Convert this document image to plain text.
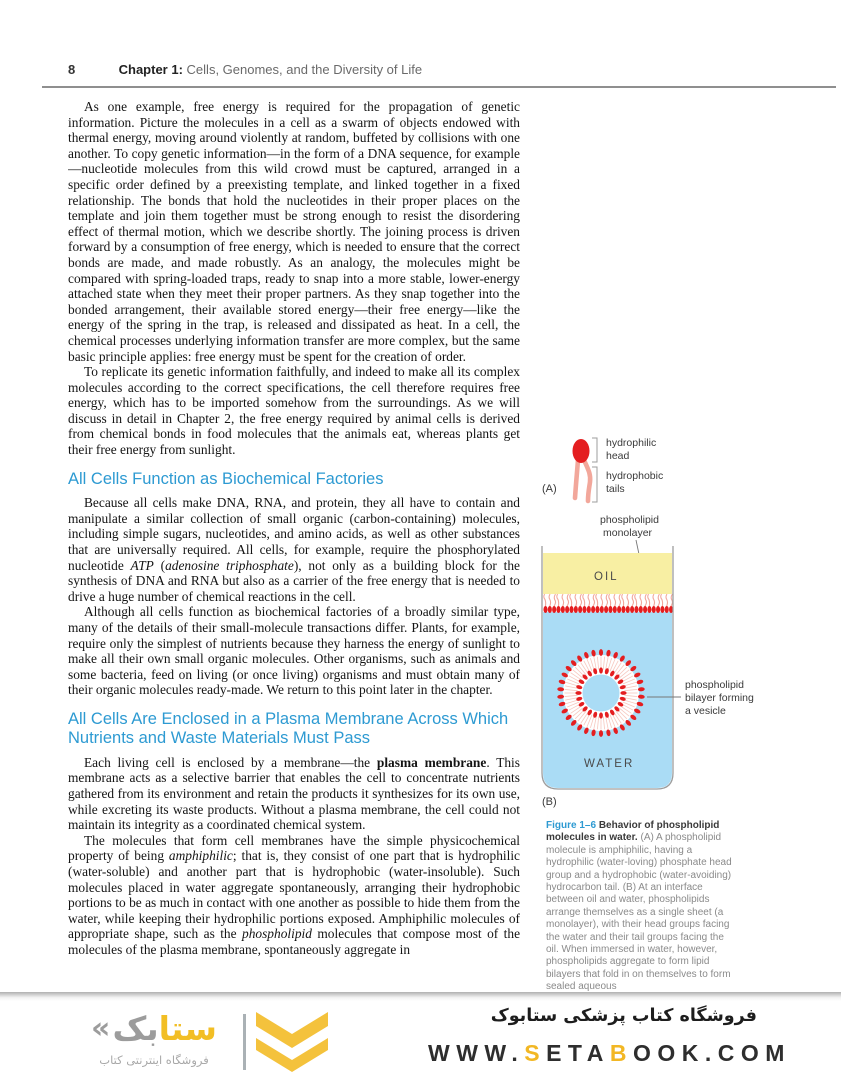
8	Chapter 1: Cells, Genomes, and the Diversity of Life

As one example, free energy is required for the propagation of genetic information. Picture the molecules in a cell as a swarm of objects endowed with thermal energy, moving around violently at random, buffeted by collisions with one another. To copy genetic information—in the form of a DNA sequence, for example—nucleotide molecules from this wild crowd must be captured, arranged in a specific order defined by a preexisting template, and linked together in a fixed relationship. The bonds that hold the nucleotides in their proper places on the template and join them together must be strong enough to resist the disordering effect of thermal motion, which we describe shortly. The joining process is driven forward by a consumption of free energy, which is needed to ensure that the correct bonds are made, and made robustly. As an analogy, the molecules might be compared with spring-loaded traps, ready to snap into a more stable, lower-energy attached state when they meet their proper partners. As they snap together into the bonded arrangement, their available stored energy—their free energy—like the energy of the spring in the trap, is released and dissipated as heat. In a cell, the chemical processes underlying information transfer are more complex, but the same basic principle applies: free energy must be spent for the creation of order.

To replicate its genetic information faithfully, and indeed to make all its complex molecules according to the correct specifications, the cell therefore requires free energy, which has to be imported somehow from the surroundings. As we will discuss in detail in Chapter 2, the free energy required by animal cells is derived from chemical bonds in food molecules that the animals eat, whereas plants get their free energy from sunlight.

All Cells Function as Biochemical Factories

Because all cells make DNA, RNA, and protein, they all have to contain and manipulate a similar collection of small organic (carbon-containing) molecules, including simple sugars, nucleotides, and amino acids, as well as other substances that are universally required. All cells, for example, require the phosphorylated nucleotide ATP (adenosine triphosphate), not only as a building block for the synthesis of DNA and RNA but also as a carrier of the free energy that is needed to drive a huge number of chemical reactions in the cell.

Although all cells function as biochemical factories of a broadly similar type, many of the details of their small-molecule transactions differ. Plants, for example, require only the simplest of nutrients because they harness the energy of sunlight to make all their own small organic molecules. Other organisms, such as animals and some bacteria, feed on living (or once living) organisms and must obtain many of their organic molecules ready-made. We return to this point later in the chapter.

All Cells Are Enclosed in a Plasma Membrane Across Which Nutrients and Waste Materials Must Pass

Each living cell is enclosed by a membrane—the plasma membrane. This membrane acts as a selective barrier that enables the cell to concentrate nutrients gathered from its environment and retain the products it synthesizes for its own use, while excreting its waste products. Without a plasma membrane, the cell could not maintain its integrity as a coordinated chemical system.

The molecules that form cell membranes have the simple physicochemical property of being amphiphilic; that is, they consist of one part that is hydrophilic (water-soluble) and another part that is hydrophobic (water-insoluble). Such molecules placed in water aggregate spontaneously, arranging their hydrophobic portions to be as much in contact with one another as possible to hide them from the water, while keeping their hydrophilic portions exposed. Amphiphilic molecules of appropriate shape, such as the phospholipid molecules that compose most of the molecules of the plasma membrane, spontaneously aggregate in

hydrophilic
head
hydrophobic
tails
(A)
phospholipid
monolayer
OIL
phospholipid
bilayer forming
a vesicle
WATER
(B)
Figure 1–6 Behavior of phospholipid molecules in water. (A) A phospholipid molecule is amphiphilic, having a hydrophilic (water-loving) phosphate head group and a hydrophobic (water-avoiding) hydrocarbon tail. (B) At an interface between oil and water, phospholipids arrange themselves as a single sheet (a monolayer), with their head groups facing the water and their tail groups facing the oil. When immersed in water, however, phospholipids aggregate to form lipid bilayers that fold in on themselves to form sealed aqueous
« بک ستا
فروشگاه اینترنتی کتاب
فروشگاه کتاب پزشکی ستابوک
WWW.SETABOOK.COM
